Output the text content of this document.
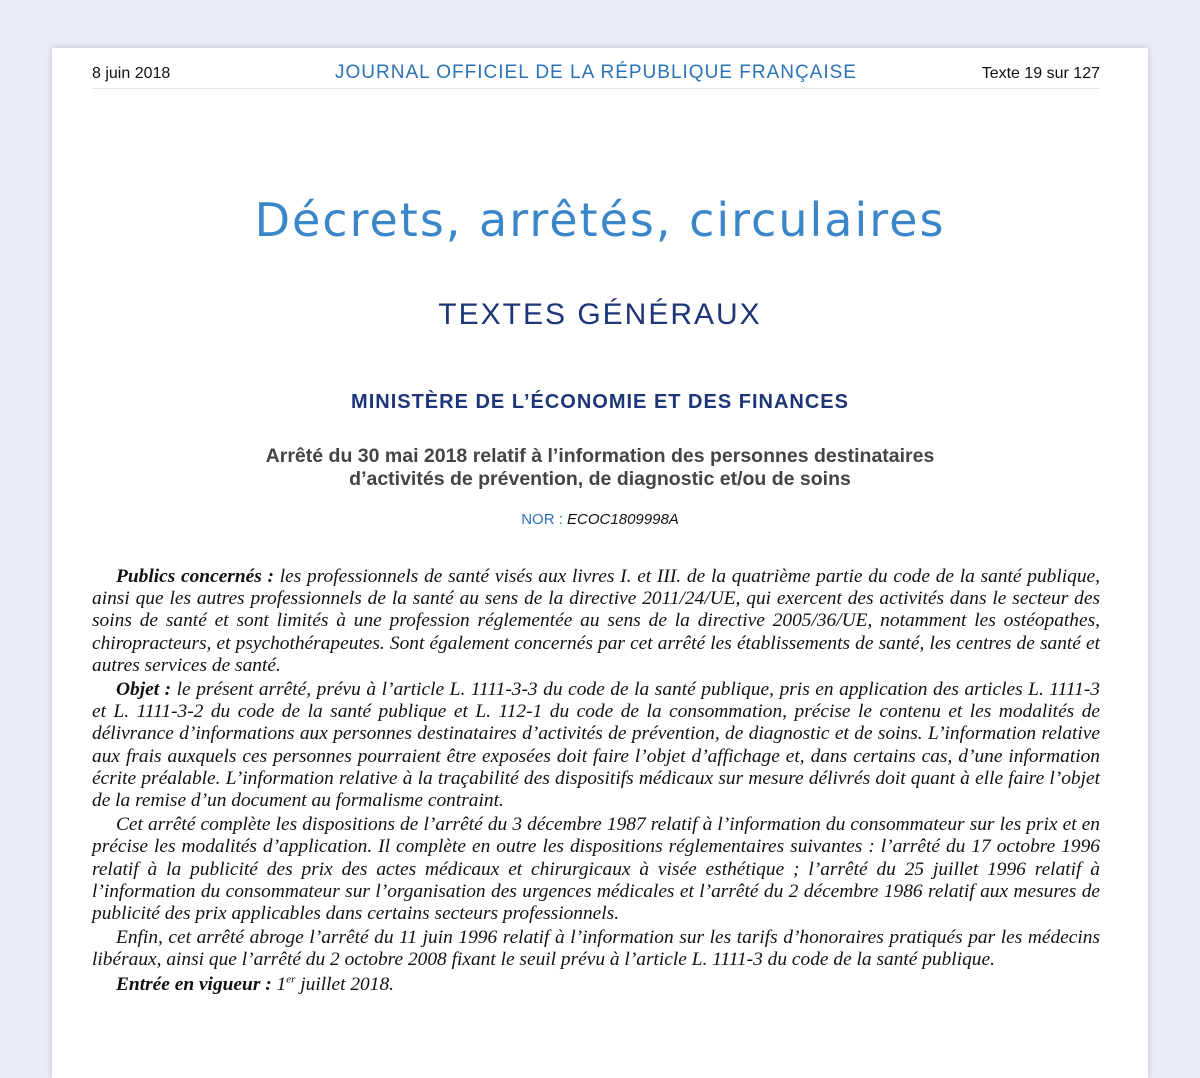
8 juin 2018	JOURNAL OFFICIEL DE LA RÉPUBLIQUE FRANÇAISE	Texte 19 sur 127
Décrets, arrêtés, circulaires
TEXTES GÉNÉRAUX
MINISTÈRE DE L’ÉCONOMIE ET DES FINANCES
Arrêté du 30 mai 2018 relatif à l’information des personnes destinataires
d’activités de prévention, de diagnostic et/ou de soins
NOR : ECOC1809998A

Publics concernés : les professionnels de santé visés aux livres I. et III. de la quatrième partie du code de la santé publique, ainsi que les autres professionnels de la santé au sens de la directive 2011/24/UE, qui exercent des activités dans le secteur des soins de santé et sont limités à une profession réglementée au sens de la directive 2005/36/UE, notamment les ostéopathes, chiropracteurs, et psychothérapeutes. Sont également concernés par cet arrêté les établissements de santé, les centres de santé et autres services de santé.

Objet : le présent arrêté, prévu à l’article L. 1111-3-3 du code de la santé publique, pris en application des articles L. 1111-3 et L. 1111-3-2 du code de la santé publique et L. 112-1 du code de la consommation, précise le contenu et les modalités de délivrance d’informations aux personnes destinataires d’activités de prévention, de diagnostic et de soins. L’information relative aux frais auxquels ces personnes pourraient être exposées doit faire l’objet d’affichage et, dans certains cas, d’une information écrite préalable. L’information relative à la traçabilité des dispositifs médicaux sur mesure délivrés doit quant à elle faire l’objet de la remise d’un document au formalisme contraint.

Cet arrêté complète les dispositions de l’arrêté du 3 décembre 1987 relatif à l’information du consommateur sur les prix et en précise les modalités d’application. Il complète en outre les dispositions réglementaires suivantes : l’arrêté du 17 octobre 1996 relatif à la publicité des prix des actes médicaux et chirurgicaux à visée esthétique ; l’arrêté du 25 juillet 1996 relatif à l’information du consommateur sur l’organisation des urgences médicales et l’arrêté du 2 décembre 1986 relatif aux mesures de publicité des prix applicables dans certains secteurs professionnels.

Enfin, cet arrêté abroge l’arrêté du 11 juin 1996 relatif à l’information sur les tarifs d’honoraires pratiqués par les médecins libéraux, ainsi que l’arrêté du 2 octobre 2008 fixant le seuil prévu à l’article L. 1111-3 du code de la santé publique.

Entrée en vigueur : 1er juillet 2018.
